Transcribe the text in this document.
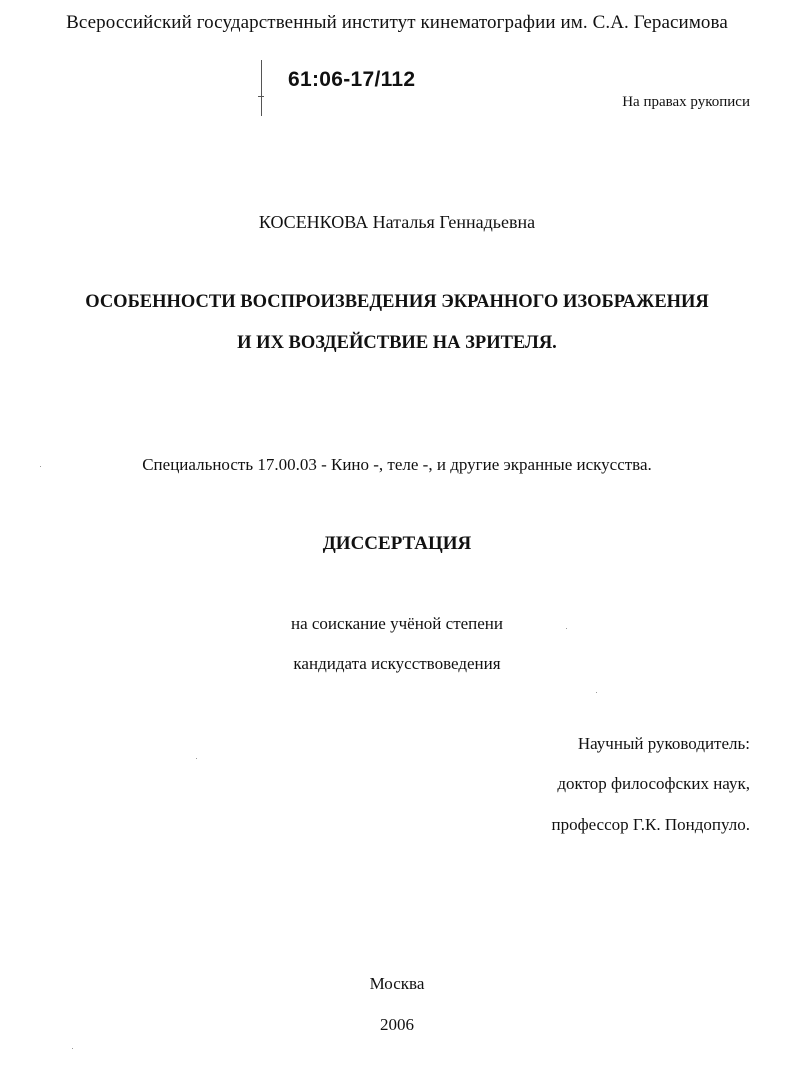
Всероссийский государственный институт кинематографии им. С.А. Герасимова
61:06-17/112
На правах рукописи
КОСЕНКОВА Наталья Геннадьевна
ОСОБЕННОСТИ ВОСПРОИЗВЕДЕНИЯ ЭКРАННОГО ИЗОБРАЖЕНИЯ
И ИХ ВОЗДЕЙСТВИЕ НА ЗРИТЕЛЯ.
Специальность 17.00.03 - Кино -, теле -, и другие экранные искусства.
ДИССЕРТАЦИЯ
на соискание учёной степени
кандидата искусствоведения
Научный руководитель:
доктор философских наук,
профессор Г.К. Пондопуло.
Москва
2006
